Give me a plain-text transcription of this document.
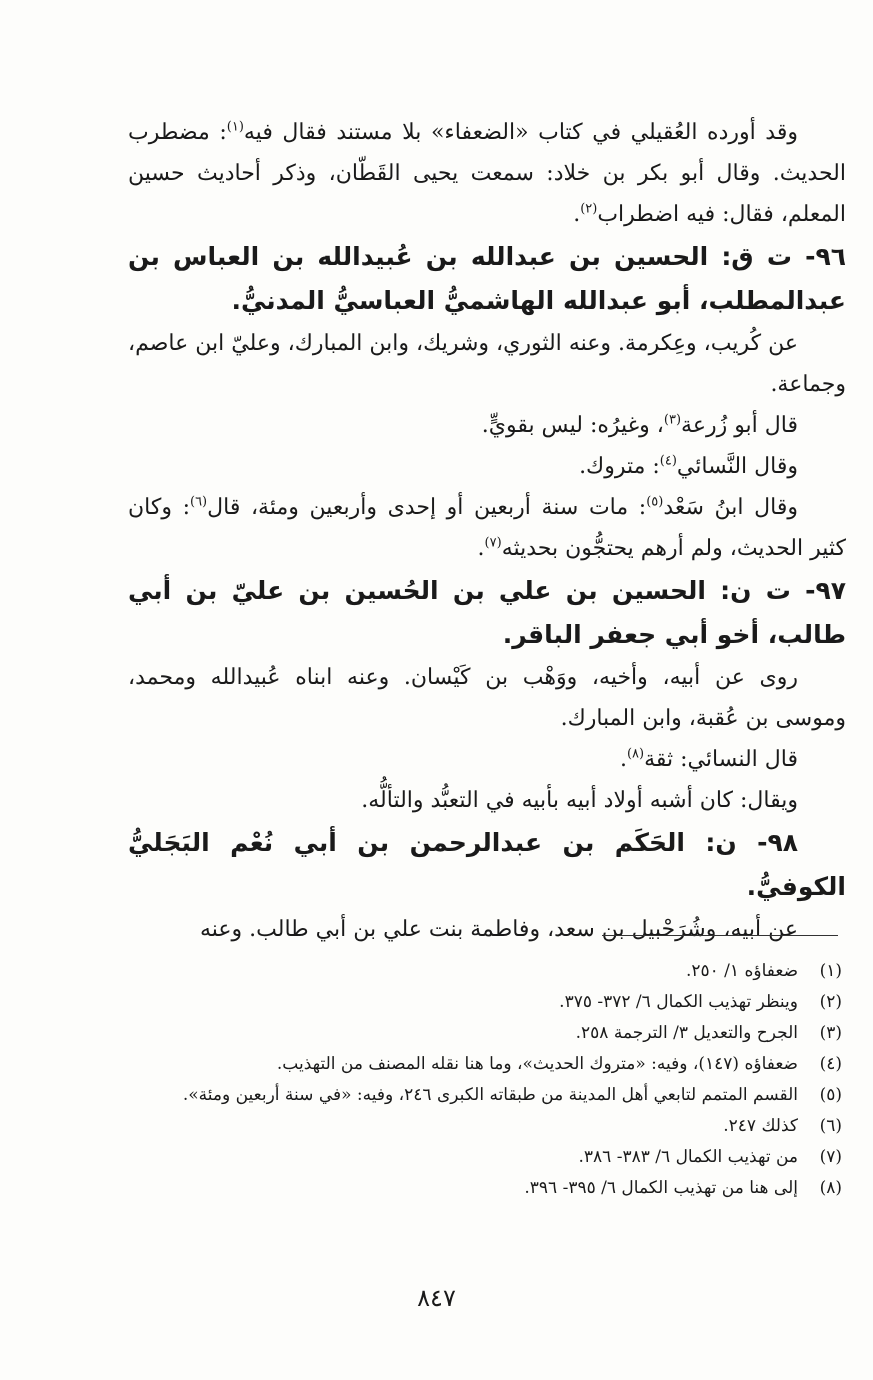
وقد أورده العُقيلي في كتاب «الضعفاء» بلا مستند فقال فيه$^{(١)}$: مضطرب الحديث. وقال أبو بكر بن خلاد: سمعت يحيى القَطّان، وذكر أحاديث حسين المعلم، فقال: فيه اضطراب$^{(٢)}$.

٩٦- ت ق: الحسين بن عبدالله بن عُبيدالله بن العباس بن عبدالمطلب، أبو عبدالله الهاشميُّ العباسيُّ المدنيُّ.

عن كُريب، وعِكرمة. وعنه الثوري، وشريك، وابن المبارك، وعليّ ابن عاصم، وجماعة.

قال أبو زُرعة$^{(٣)}$، وغيرُه: ليس بقويٍّ.

وقال النَّسائي$^{(٤)}$: متروك.

وقال ابنُ سَعْد$^{(٥)}$: مات سنة أربعين أو إحدى وأربعين ومئة، قال$^{(٦)}$: وكان كثير الحديث، ولم أرهم يحتجُّون بحديثه$^{(٧)}$.

٩٧- ت ن: الحسين بن علي بن الحُسين بن عليّ بن أبي طالب، أخو أبي جعفر الباقر.

روى عن أبيه، وأخيه، ووَهْب بن كَيْسان. وعنه ابناه عُبيدالله ومحمد، وموسى بن عُقبة، وابن المبارك.

قال النسائي: ثقة$^{(٨)}$.

ويقال: كان أشبه أولاد أبيه بأبيه في التعبُّد والتألُّه.

٩٨- ن: الحَكَم بن عبدالرحمن بن أبي نُعْم البَجَليُّ الكوفيُّ.

عن أبيه، وشُرَحْبيل بن سعد، وفاطمة بنت علي بن أبي طالب. وعنه

(١)
ضعفاؤه ١/ ٢٥٠.
(٢)
وينظر تهذيب الكمال ٦/ ٣٧٢- ٣٧٥.
(٣)
الجرح والتعديل ٣/ الترجمة ٢٥٨.
(٤)
ضعفاؤه (١٤٧)، وفيه: «متروك الحديث»، وما هنا نقله المصنف من التهذيب.
(٥)
القسم المتمم لتابعي أهل المدينة من طبقاته الكبرى ٢٤٦، وفيه: «في سنة أربعين ومئة».
(٦)
كذلك ٢٤٧.
(٧)
من تهذيب الكمال ٦/ ٣٨٣- ٣٨٦.
(٨)
إلى هنا من تهذيب الكمال ٦/ ٣٩٥- ٣٩٦.
٨٤٧
